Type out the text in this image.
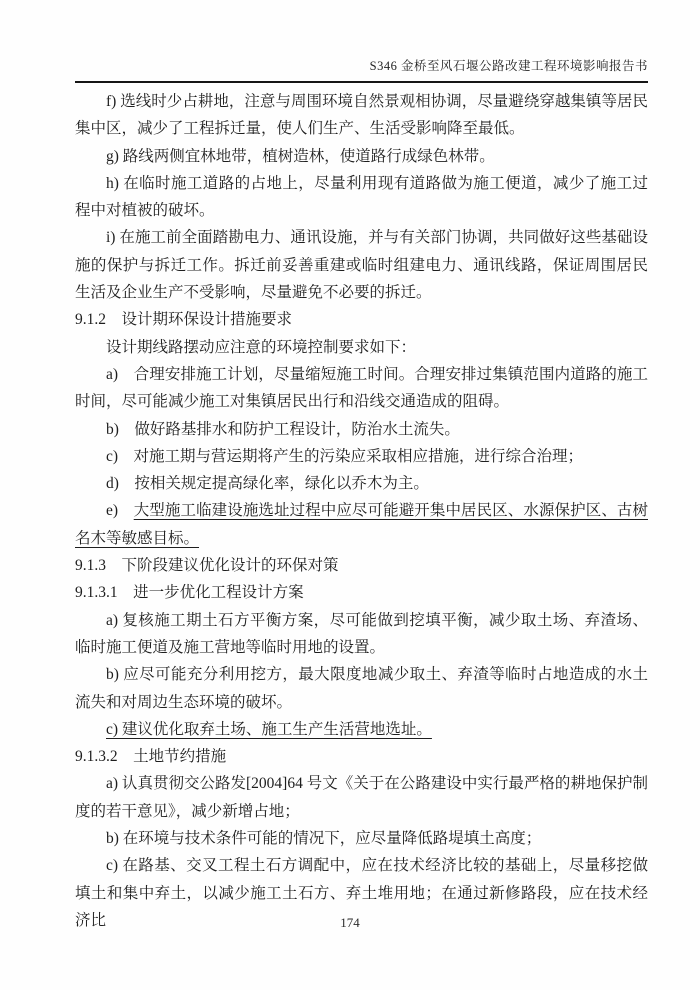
S346 金桥至风石堰公路改建工程环境影响报告书

f) 选线时少占耕地，注意与周围环境自然景观相协调，尽量避绕穿越集镇等居民集中区，减少了工程拆迁量，使人们生产、生活受影响降至最低。

g) 路线两侧宜林地带，植树造林，使道路行成绿色林带。

h) 在临时施工道路的占地上，尽量利用现有道路做为施工便道，减少了施工过程中对植被的破坏。

i) 在施工前全面踏勘电力、通讯设施，并与有关部门协调，共同做好这些基础设施的保护与拆迁工作。拆迁前妥善重建或临时组建电力、通讯线路，保证周围居民生活及企业生产不受影响，尽量避免不必要的拆迁。

9.1.2　设计期环保设计措施要求

设计期线路摆动应注意的环境控制要求如下：

a)　合理安排施工计划，尽量缩短施工时间。合理安排过集镇范围内道路的施工时间，尽可能减少施工对集镇居民出行和沿线交通造成的阻碍。

b)　做好路基排水和防护工程设计，防治水土流失。

c)　对施工期与营运期将产生的污染应采取相应措施，进行综合治理；

d)　按相关规定提高绿化率，绿化以乔木为主。

e)　大型施工临建设施选址过程中应尽可能避开集中居民区、水源保护区、古树名木等敏感目标。

9.1.3　下阶段建议优化设计的环保对策

9.1.3.1　进一步优化工程设计方案

a) 复核施工期土石方平衡方案，尽可能做到挖填平衡，减少取土场、弃渣场、临时施工便道及施工营地等临时用地的设置。

b) 应尽可能充分利用挖方，最大限度地减少取土、弃渣等临时占地造成的水土流失和对周边生态环境的破坏。

c) 建议优化取弃土场、施工生产生活营地选址。

9.1.3.2　土地节约措施

a) 认真贯彻交公路发[2004]64 号文《关于在公路建设中实行最严格的耕地保护制度的若干意见》，减少新增占地；

b) 在环境与技术条件可能的情况下，应尽量降低路堤填土高度；

c) 在路基、交叉工程土石方调配中，应在技术经济比较的基础上，尽量移挖做填土和集中弃土，以减少施工土石方、弃土堆用地；在通过新修路段，应在技术经济比	174
